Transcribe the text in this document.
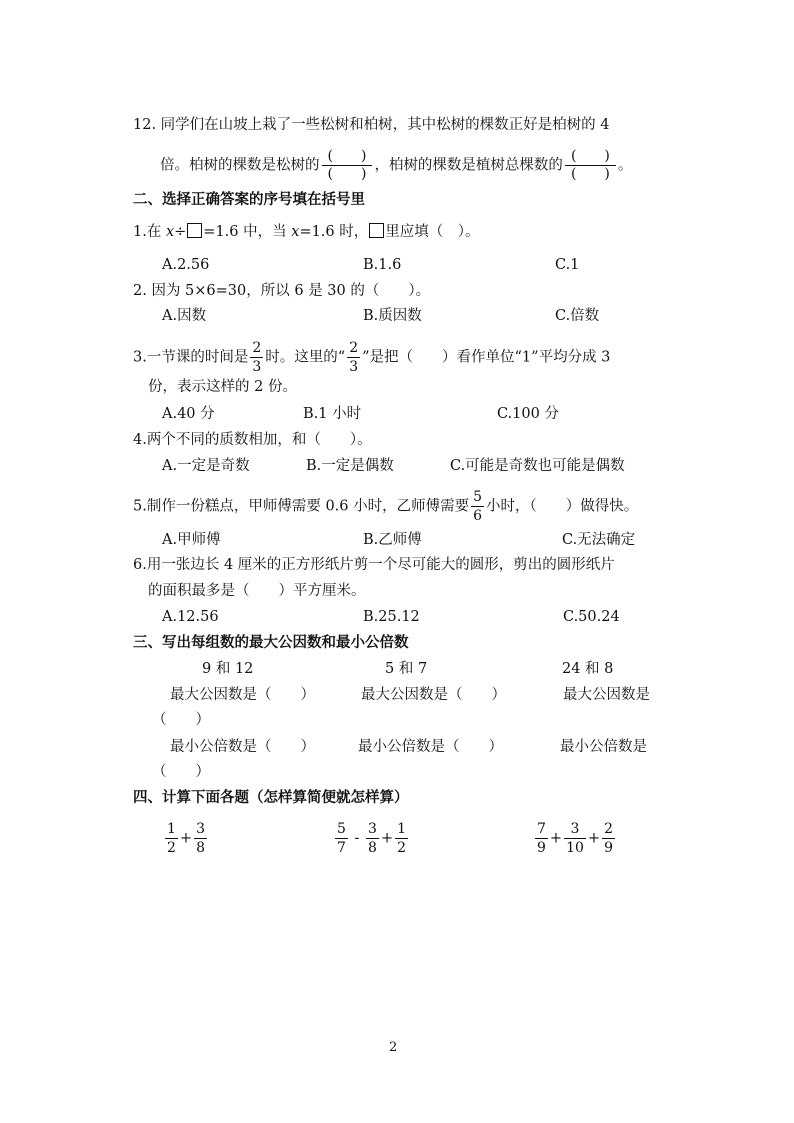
12. 同学们在山坡上栽了一些松树和柏树，其中松树的棵数正好是柏树的 4
倍。柏树的棵数是松树的 $\frac{( )}{( )}$ ，柏树的棵数是植树总棵数的 $\frac{( )}{( )}$ 。
二、选择正确答案的序号填在括号里
1.在 x÷ =1.6 中，当 x=1.6 时， 里应填（　）。
A.2.56	B.1.6	C.1
2. 因为 5×6=30，所以 6 是 30 的（　　）。
A.因数	B.质因数	C.倍数
3.一节课的时间是 $\frac{2}{3}$ 时。这里的“ $\frac{2}{3}$ ”是把（　　）看作单位“1”平均分成 3
份，表示这样的 2 份。
A.40 分	B.1 小时	C.100 分
4.两个不同的质数相加，和（　　）。
A.一定是奇数	B.一定是偶数	C.可能是奇数也可能是偶数
5.制作一份糕点，甲师傅需要 0.6 小时，乙师傅需要 $\frac{5}{6}$ 小时，（　　）做得快。
A.甲师傅	B.乙师傅	C.无法确定
6.用一张边长 4 厘米的正方形纸片剪一个尽可能大的圆形，剪出的圆形纸片
的面积最多是（　　）平方厘米。
A.12.56	B.25.12	C.50.24
三、写出每组数的最大公因数和最小公倍数
9 和 12	5 和 7	24 和 8
最大公因数是（　　）	最大公因数是（　　）	最大公因数是
（　　）
最小公倍数是（　　）	最小公倍数是（　　）	最小公倍数是
（　　）
四、计算下面各题（怎样算简便就怎样算）
$\frac{1}{2} + \frac{3}{8}$	$\frac{5}{7} - \frac{3}{8} + \frac{1}{2}$	$\frac{7}{9} + \frac{3}{10} + \frac{2}{9}$
2
